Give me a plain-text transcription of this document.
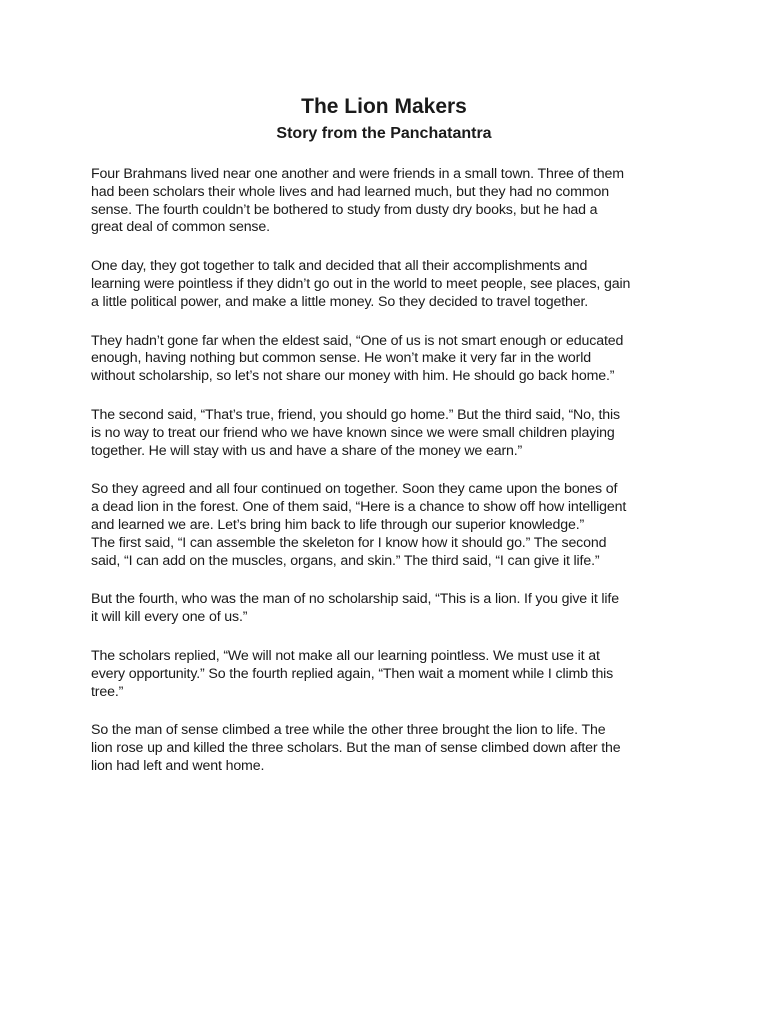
The Lion Makers
Story from the Panchatantra

Four Brahmans lived near one another and were friends in a small town. Three of them
had been scholars their whole lives and had learned much, but they had no common
sense. The fourth couldn’t be bothered to study from dusty dry books, but he had a
great deal of common sense.

One day, they got together to talk and decided that all their accomplishments and
learning were pointless if they didn’t go out in the world to meet people, see places, gain
a little political power, and make a little money. So they decided to travel together.

They hadn’t gone far when the eldest said, “One of us is not smart enough or educated
enough, having nothing but common sense. He won’t make it very far in the world
without scholarship, so let’s not share our money with him. He should go back home.”

The second said, “That’s true, friend, you should go home.” But the third said, “No, this
is no way to treat our friend who we have known since we were small children playing
together. He will stay with us and have a share of the money we earn.”

So they agreed and all four continued on together. Soon they came upon the bones of
a dead lion in the forest. One of them said, “Here is a chance to show off how intelligent
and learned we are. Let’s bring him back to life through our superior knowledge.”
The first said, “I can assemble the skeleton for I know how it should go.” The second
said, “I can add on the muscles, organs, and skin.” The third said, “I can give it life.”

But the fourth, who was the man of no scholarship said, “This is a lion. If you give it life
it will kill every one of us.”

The scholars replied, “We will not make all our learning pointless. We must use it at
every opportunity.” So the fourth replied again, “Then wait a moment while I climb this
tree.”

So the man of sense climbed a tree while the other three brought the lion to life. The
lion rose up and killed the three scholars. But the man of sense climbed down after the
lion had left and went home.
